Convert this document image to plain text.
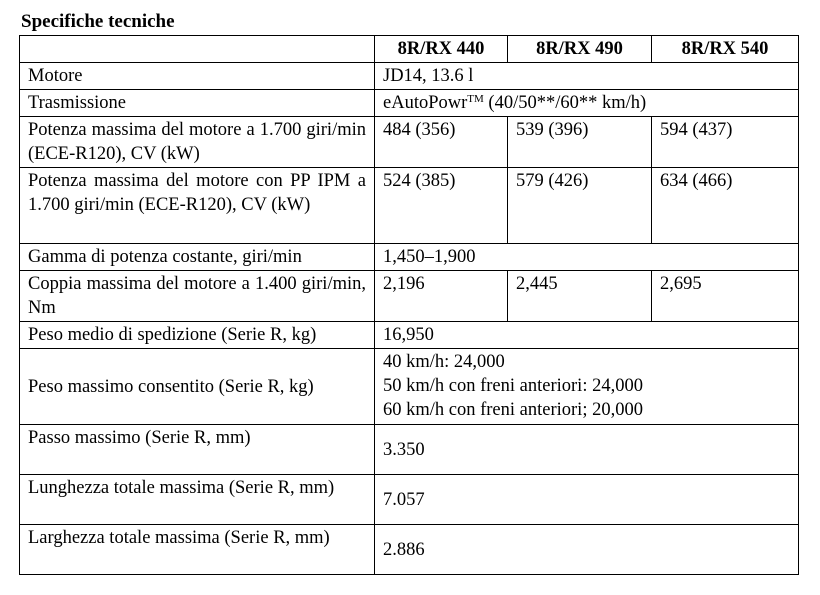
Specifiche tecniche
	8R/RX 440	8R/RX 490	8R/RX 540
Motore	JD14, 13.6 l		
Trasmissione	eAutoPowr™ (40/50**/60** km/h)		
Potenza massima del motore a 1.700 giri/min (ECE-R120), CV (kW)	484 (356)	539 (396)	594 (437)
Potenza massima del motore con PP IPM a 1.700 giri/min (ECE-R120), CV (kW)	524 (385)	579 (426)	634 (466)
Gamma di potenza costante, giri/min	1,450–1,900		
Coppia massima del motore a 1.400 giri/min, Nm	2,196	2,445	2,695
Peso medio di spedizione (Serie R, kg)	16,950		
Peso massimo consentito (Serie R, kg)	40 km/h: 24,000
50 km/h con freni anteriori: 24,000
60 km/h con freni anteriori; 20,000		

Passo massimo (Serie R, mm)	3.350		
Lunghezza totale massima (Serie R, mm)	7.057		
Larghezza totale massima (Serie R, mm)	2.886		
